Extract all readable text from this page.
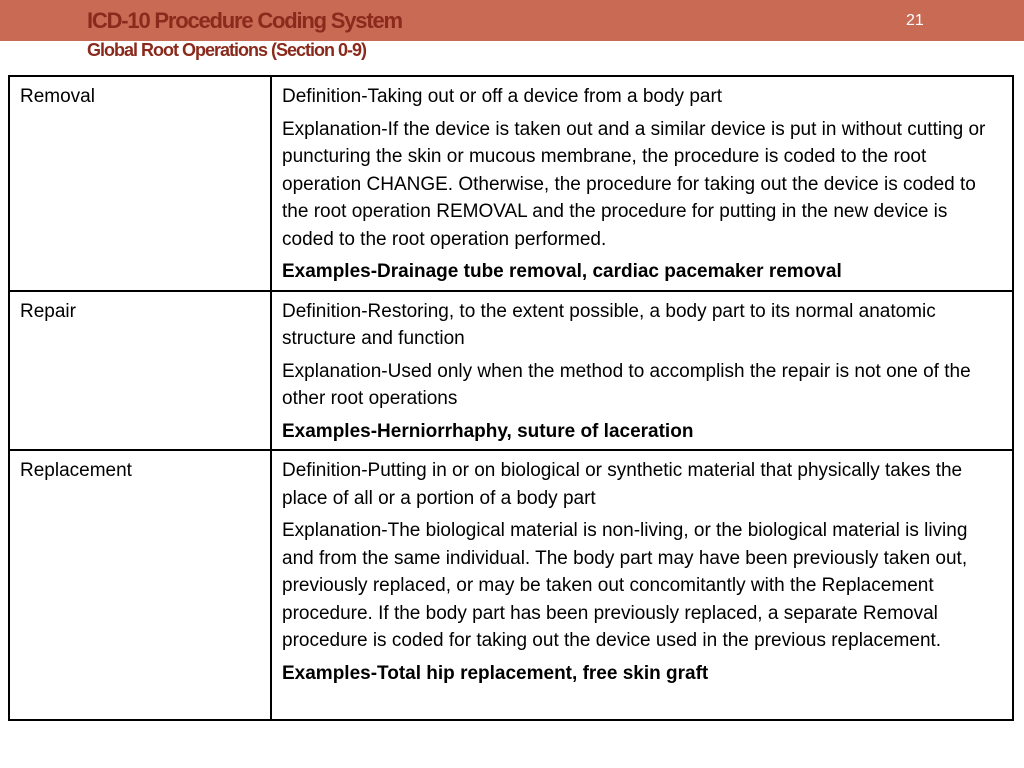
ICD-10 Procedure Coding System	21
Global Root Operations (Section 0-9)
Removal	Definition-Taking out or off a device from a body part
Explanation-If the device is taken out and a similar device is put in without cutting or puncturing the skin or mucous membrane, the procedure is coded to the root operation CHANGE. Otherwise, the procedure for taking out the device is coded to the root operation REMOVAL and the procedure for putting in the new device is coded to the root operation performed.
Examples-Drainage tube removal, cardiac pacemaker removal

Repair	Definition-Restoring, to the extent possible, a body part to its normal anatomic structure and function
Explanation-Used only when the method to accomplish the repair is not one of the other root operations
Examples-Herniorrhaphy, suture of laceration

Replacement	Definition-Putting in or on biological or synthetic material that physically takes the place of all or a portion of a body part
Explanation-The biological material is non-living, or the biological material is living and from the same individual. The body part may have been previously taken out, previously replaced, or may be taken out concomitantly with the Replacement procedure. If the body part has been previously replaced, a separate Removal procedure is coded for taking out the device used in the previous replacement.
Examples-Total hip replacement, free skin graft
